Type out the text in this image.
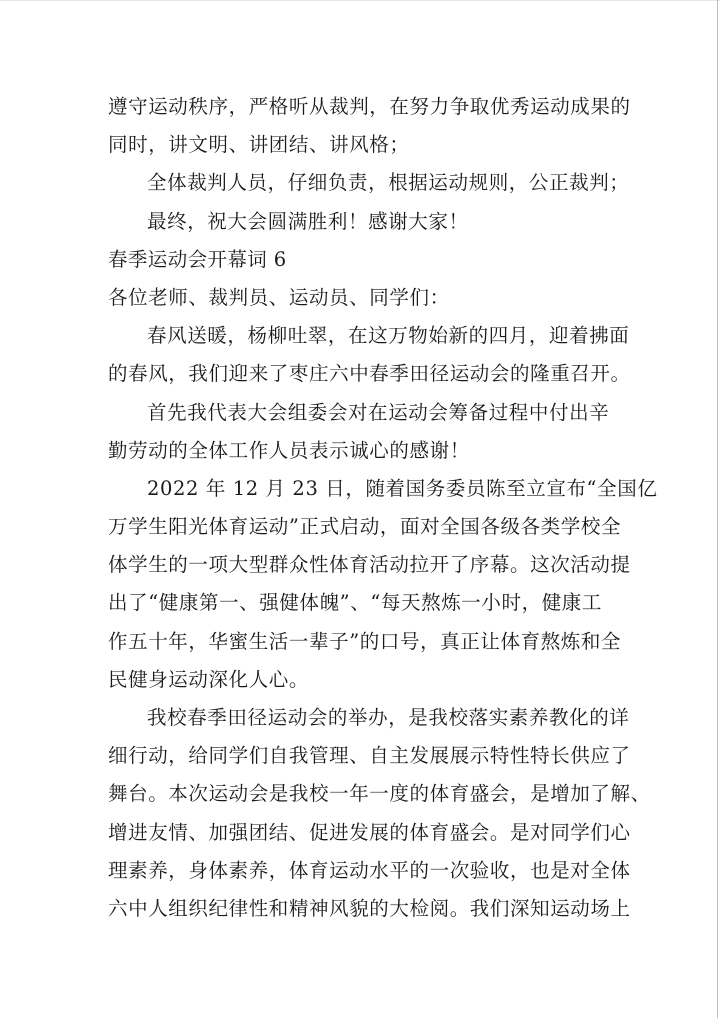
遵守运动秩序，严格听从裁判，在努力争取优秀运动成果的
同时，讲文明、讲团结、讲风格；
全体裁判人员，仔细负责，根据运动规则，公正裁判；
最终，祝大会圆满胜利！感谢大家！
春季运动会开幕词 6
各位老师、裁判员、运动员、同学们：
春风送暖，杨柳吐翠，在这万物始新的四月，迎着拂面
的春风，我们迎来了枣庄六中春季田径运动会的隆重召开。
首先我代表大会组委会对在运动会筹备过程中付出辛
勤劳动的全体工作人员表示诚心的感谢！
2022 年 12 月 23 日，随着国务委员陈至立宣布“全国亿
万学生阳光体育运动”正式启动，面对全国各级各类学校全
体学生的一项大型群众性体育活动拉开了序幕。这次活动提
出了“健康第一、强健体魄”、“每天熬炼一小时，健康工
作五十年，华蜜生活一辈子”的口号，真正让体育熬炼和全
民健身运动深化人心。
我校春季田径运动会的举办，是我校落实素养教化的详
细行动，给同学们自我管理、自主发展展示特性特长供应了
舞台。本次运动会是我校一年一度的体育盛会，是增加了解、
增进友情、加强团结、促进发展的体育盛会。是对同学们心
理素养，身体素养，体育运动水平的一次验收，也是对全体
六中人组织纪律性和精神风貌的大检阅。我们深知运动场上
